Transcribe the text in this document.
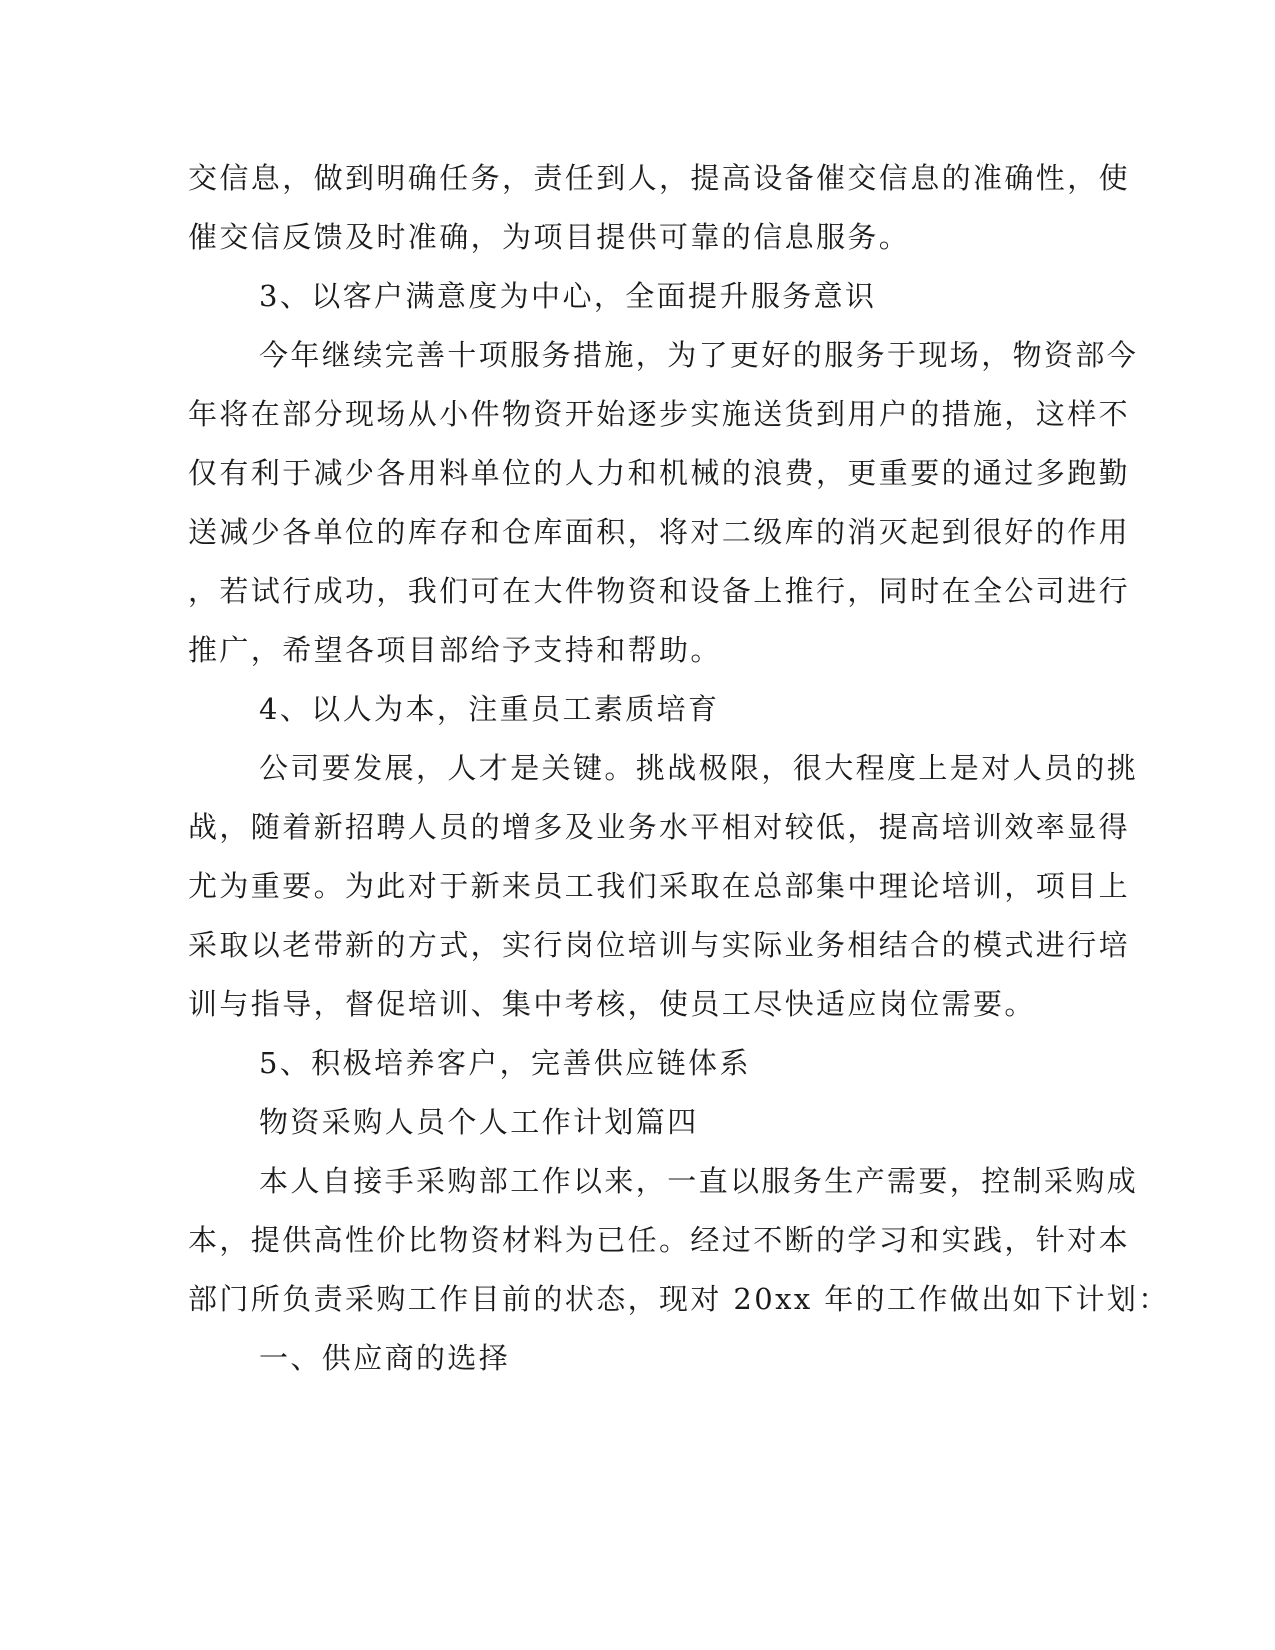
交信息，做到明确任务，责任到人，提高设备催交信息的准确性，使
催交信反馈及时准确，为项目提供可靠的信息服务。
3、以客户满意度为中心，全面提升服务意识
今年继续完善十项服务措施，为了更好的服务于现场，物资部今
年将在部分现场从小件物资开始逐步实施送货到用户的措施，这样不
仅有利于减少各用料单位的人力和机械的浪费，更重要的通过多跑勤
送减少各单位的库存和仓库面积，将对二级库的消灭起到很好的作用
，若试行成功，我们可在大件物资和设备上推行，同时在全公司进行
推广，希望各项目部给予支持和帮助。
4、以人为本，注重员工素质培育
公司要发展，人才是关键。挑战极限，很大程度上是对人员的挑
战，随着新招聘人员的增多及业务水平相对较低，提高培训效率显得
尤为重要。为此对于新来员工我们采取在总部集中理论培训，项目上
采取以老带新的方式，实行岗位培训与实际业务相结合的模式进行培
训与指导，督促培训、集中考核，使员工尽快适应岗位需要。
5、积极培养客户，完善供应链体系
物资采购人员个人工作计划篇四
本人自接手采购部工作以来，一直以服务生产需要，控制采购成
本，提供高性价比物资材料为已任。经过不断的学习和实践，针对本
部门所负责采购工作目前的状态，现对 20xx 年的工作做出如下计划：
一、供应商的选择
